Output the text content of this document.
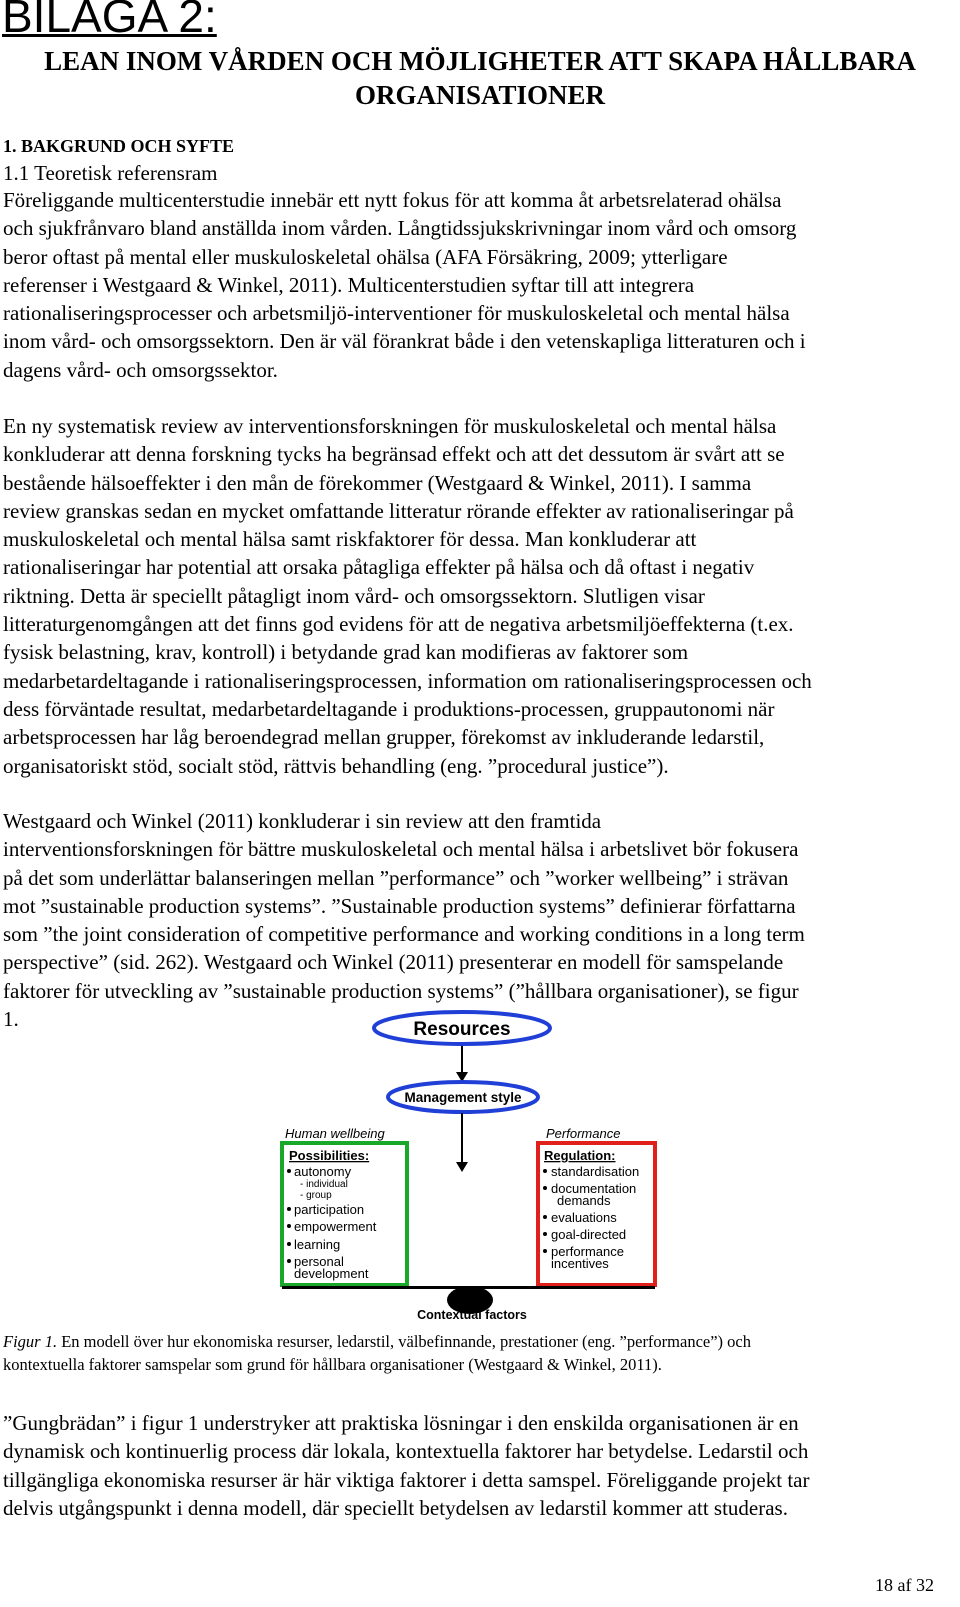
BILAGA 2:
LEAN INOM VÅRDEN OCH MÖJLIGHETER ATT SKAPA HÅLLBARA
ORGANISATIONER

1. BAKGRUND OCH SYFTE

1.1 Teoretisk referensram

Föreliggande multicenterstudie innebär ett nytt fokus för att komma åt arbetsrelaterad ohälsa
och sjukfrånvaro bland anställda inom vården. Långtidssjukskrivningar inom vård och omsorg
beror oftast på mental eller muskuloskeletal ohälsa (AFA Försäkring, 2009; ytterligare
referenser i Westgaard & Winkel, 2011). Multicenterstudien syftar till att integrera
rationaliseringsprocesser och arbetsmiljö-interventioner för muskuloskeletal och mental hälsa
inom vård- och omsorgssektorn. Den är väl förankrat både i den vetenskapliga litteraturen och i
dagens vård- och omsorgssektor.
En ny systematisk review av interventionsforskningen för muskuloskeletal och mental hälsa
konkluderar att denna forskning tycks ha begränsad effekt och att det dessutom är svårt att se
bestående hälsoeffekter i den mån de förekommer (Westgaard & Winkel, 2011). I samma
review granskas sedan en mycket omfattande litteratur rörande effekter av rationaliseringar på
muskuloskeletal och mental hälsa samt riskfaktorer för dessa. Man konkluderar att
rationaliseringar har potential att orsaka påtagliga effekter på hälsa och då oftast i negativ
riktning. Detta är speciellt påtagligt inom vård- och omsorgssektorn. Slutligen visar
litteraturgenomgången att det finns god evidens för att de negativa arbetsmiljöeffekterna (t.ex.
fysisk belastning, krav, kontroll) i betydande grad kan modifieras av faktorer som
medarbetardeltagande i rationaliseringsprocessen, information om rationaliseringsprocessen och
dess förväntade resultat, medarbetardeltagande i produktions-processen, gruppautonomi när
arbetsprocessen har låg beroendegrad mellan grupper, förekomst av inkluderande ledarstil,
organisatoriskt stöd, socialt stöd, rättvis behandling (eng. ”procedural justice”).
Westgaard och Winkel (2011) konkluderar i sin review att den framtida
interventionsforskningen för bättre muskuloskeletal och mental hälsa i arbetslivet bör fokusera
på det som underlättar balanseringen mellan ”performance” och ”worker wellbeing” i strävan
mot ”sustainable production systems”. ”Sustainable production systems” definierar författarna
som ”the joint consideration of competitive performance and working conditions in a long term
perspective” (sid. 262). Westgaard och Winkel (2011) presenterar en modell för samspelande
faktorer för utveckling av ”sustainable production systems” (”hållbara organisationer), se figur
1.	Resources
Management style
Human wellbeing	Performance
Possibilities:
autonomy
- individual
- group
participation
empowerment
learning
personal
development
Regulation:
standardisation
documentation
demands
evaluations
goal-directed
performance
incentives
Contextual factors

Figur 1. En modell över hur ekonomiska resurser, ledarstil, välbefinnande, prestationer (eng. ”performance”) och
kontextuella faktorer samspelar som grund för hållbara organisationer (Westgaard & Winkel, 2011).

”Gungbrädan” i figur 1 understryker att praktiska lösningar i den enskilda organisationen är en
dynamisk och kontinuerlig process där lokala, kontextuella faktorer har betydelse. Ledarstil och
tillgängliga ekonomiska resurser är här viktiga faktorer i detta samspel. Föreliggande projekt tar
delvis utgångspunkt i denna modell, där speciellt betydelsen av ledarstil kommer att studeras.

18 af 32
